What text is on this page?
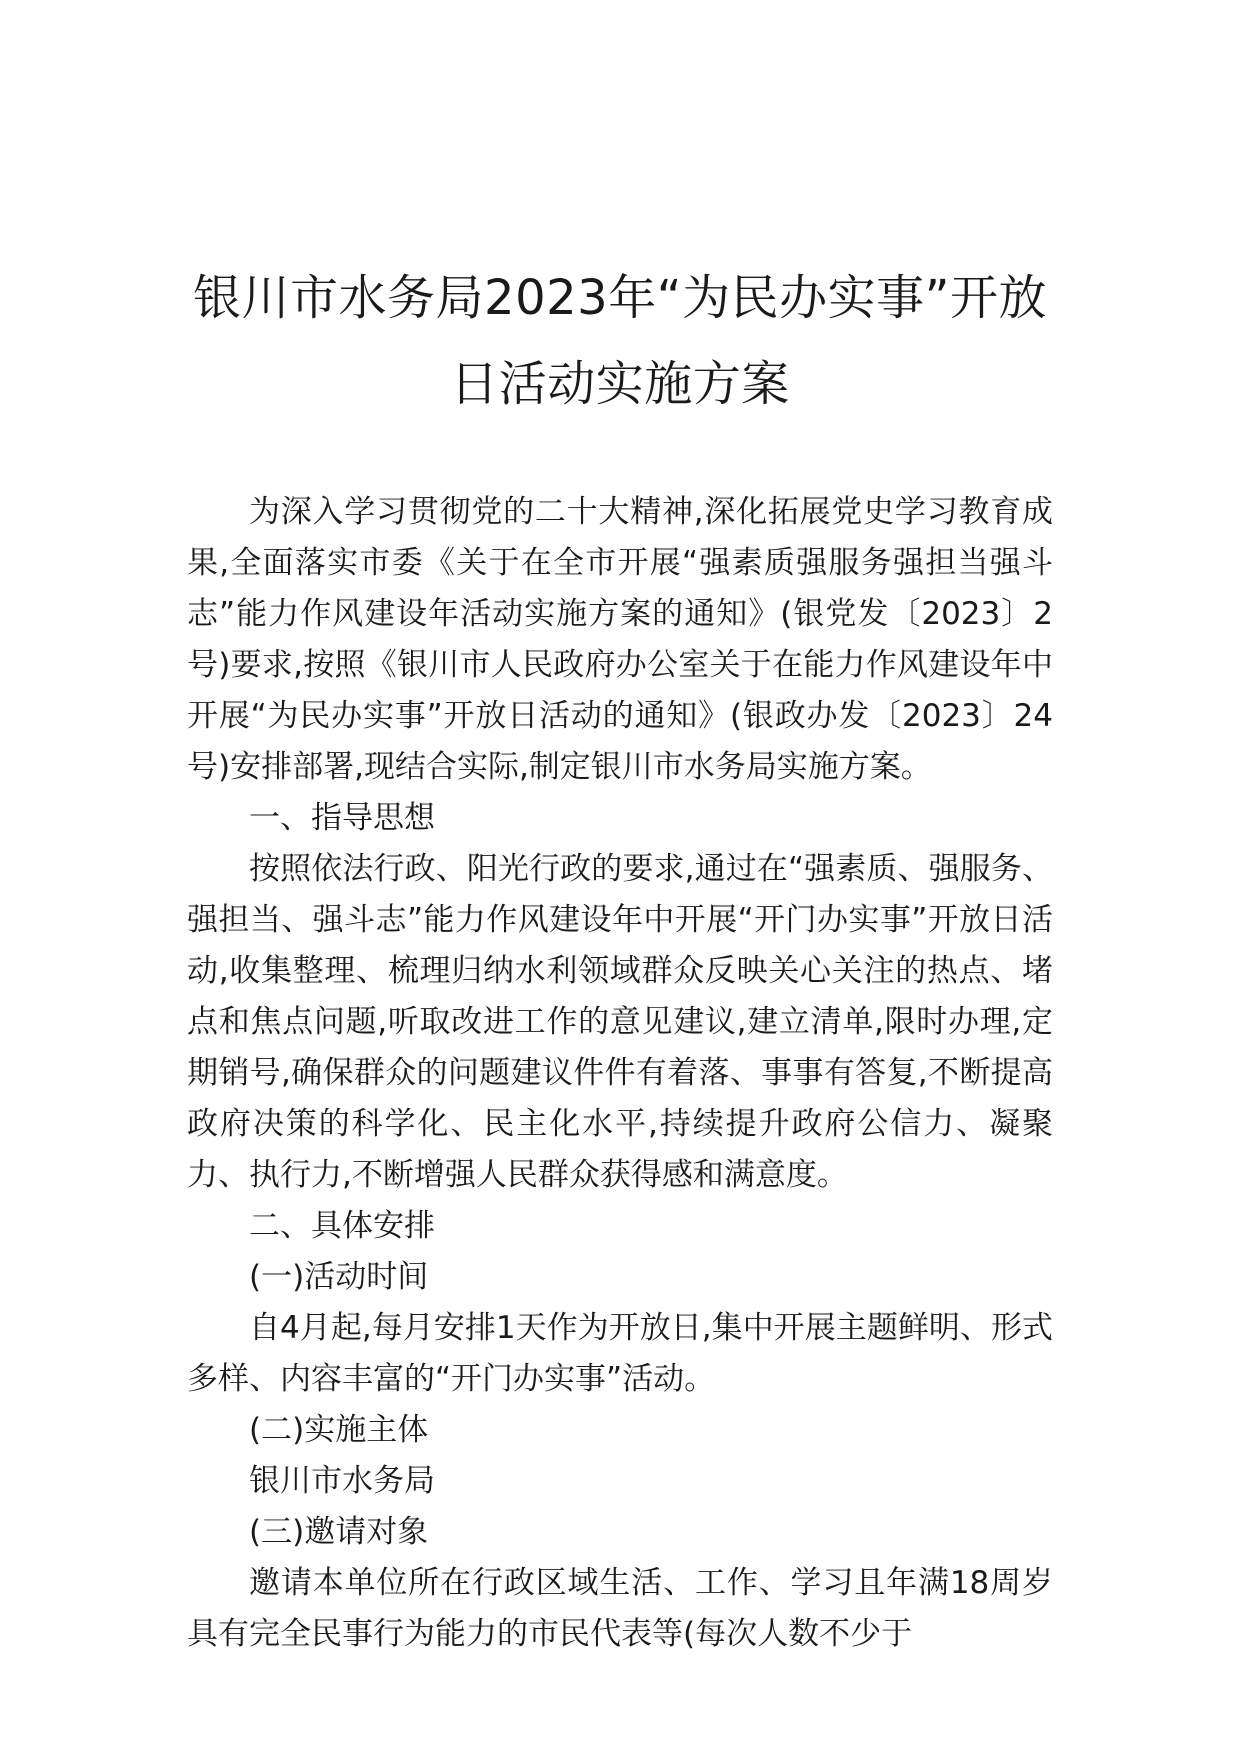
银川市水务局2023年“为民办实事”开放日活动实施方案

为深入学习贯彻党的二十大精神,深化拓展党史学习教育成果,全面落实市委《关于在全市开展“强素质强服务强担当强斗志”能力作风建设年活动实施方案的通知》(银党发〔2023〕2号)要求,按照《银川市人民政府办公室关于在能力作风建设年中开展“为民办实事”开放日活动的通知》(银政办发〔2023〕24号)安排部署,现结合实际,制定银川市水务局实施方案。

一、指导思想

按照依法行政、阳光行政的要求,通过在“强素质、强服务、强担当、强斗志”能力作风建设年中开展“开门办实事”开放日活动,收集整理、梳理归纳水利领域群众反映关心关注的热点、堵点和焦点问题,听取改进工作的意见建议,建立清单,限时办理,定期销号,确保群众的问题建议件件有着落、事事有答复,不断提高政府决策的科学化、民主化水平,持续提升政府公信力、凝聚力、执行力,不断增强人民群众获得感和满意度。

二、具体安排

(一)活动时间

自4月起,每月安排1天作为开放日,集中开展主题鲜明、形式多样、内容丰富的“开门办实事”活动。

(二)实施主体

银川市水务局

(三)邀请对象

邀请本单位所在行政区域生活、工作、学习且年满18周岁具有完全民事行为能力的市民代表等(每次人数不少于
